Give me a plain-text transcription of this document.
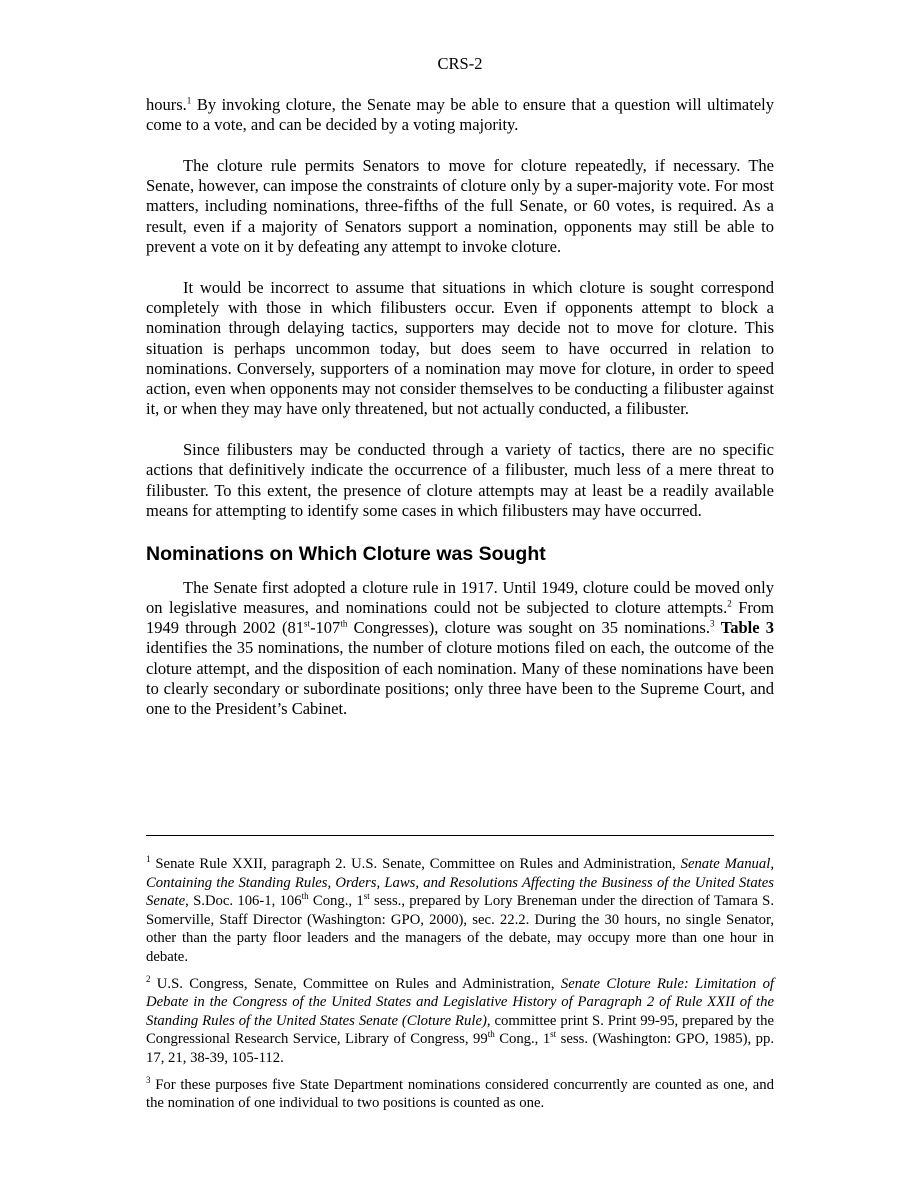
CRS-2

hours.$^1$ By invoking cloture, the Senate may be able to ensure that a question will ultimately come to a vote, and can be decided by a voting majority.

The cloture rule permits Senators to move for cloture repeatedly, if necessary. The Senate, however, can impose the constraints of cloture only by a super-majority vote. For most matters, including nominations, three-fifths of the full Senate, or 60 votes, is required. As a result, even if a majority of Senators support a nomination, opponents may still be able to prevent a vote on it by defeating any attempt to invoke cloture.

It would be incorrect to assume that situations in which cloture is sought correspond completely with those in which filibusters occur. Even if opponents attempt to block a nomination through delaying tactics, supporters may decide not to move for cloture. This situation is perhaps uncommon today, but does seem to have occurred in relation to nominations. Conversely, supporters of a nomination may move for cloture, in order to speed action, even when opponents may not consider themselves to be conducting a filibuster against it, or when they may have only threatened, but not actually conducted, a filibuster.

Since filibusters may be conducted through a variety of tactics, there are no specific actions that definitively indicate the occurrence of a filibuster, much less of a mere threat to filibuster. To this extent, the presence of cloture attempts may at least be a readily available means for attempting to identify some cases in which filibusters may have occurred.

Nominations on Which Cloture was Sought

The Senate first adopted a cloture rule in 1917. Until 1949, cloture could be moved only on legislative measures, and nominations could not be subjected to cloture attempts.$^2$ From 1949 through 2002 (81st-107th Congresses), cloture was sought on 35 nominations.$^3$ Table 3 identifies the 35 nominations, the number of cloture motions filed on each, the outcome of the cloture attempt, and the disposition of each nomination. Many of these nominations have been to clearly secondary or subordinate positions; only three have been to the Supreme Court, and one to the President’s Cabinet.

$^1$ Senate Rule XXII, paragraph 2. U.S. Senate, Committee on Rules and Administration, Senate Manual, Containing the Standing Rules, Orders, Laws, and Resolutions Affecting the Business of the United States Senate, S.Doc. 106-1, 106th Cong., 1st sess., prepared by Lory Breneman under the direction of Tamara S. Somerville, Staff Director (Washington: GPO, 2000), sec. 22.2. During the 30 hours, no single Senator, other than the party floor leaders and the managers of the debate, may occupy more than one hour in debate.

$^2$ U.S. Congress, Senate, Committee on Rules and Administration, Senate Cloture Rule: Limitation of Debate in the Congress of the United States and Legislative History of Paragraph 2 of Rule XXII of the Standing Rules of the United States Senate (Cloture Rule), committee print S. Print 99-95, prepared by the Congressional Research Service, Library of Congress, 99th Cong., 1st sess. (Washington: GPO, 1985), pp. 17, 21, 38-39, 105-112.

$^3$ For these purposes five State Department nominations considered concurrently are counted as one, and the nomination of one individual to two positions is counted as one.
